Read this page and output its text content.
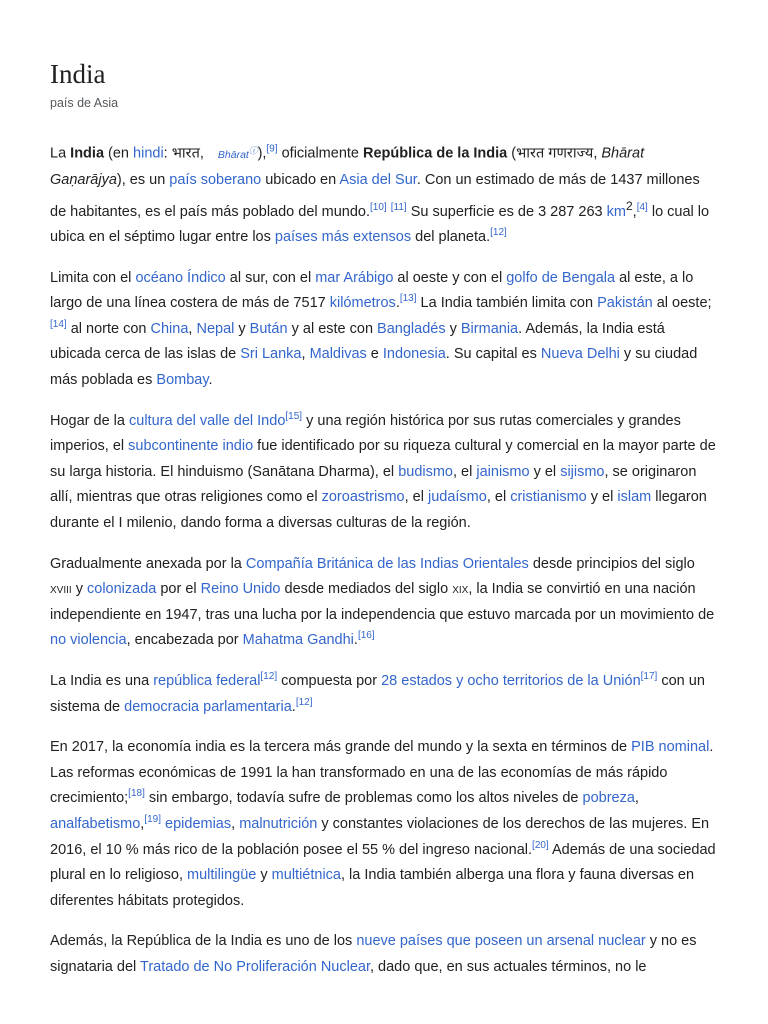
India
país de Asia

La India (en hindi: भारत, Bhāratⓘ),[9] oficialmente República de la India (भारत गणराज्य, Bhārat Gaṇarājya), es un país soberano ubicado en Asia del Sur. Con un estimado de más de 1437 millones de habitantes, es el país más poblado del mundo.[10] [11] Su superficie es de 3 287 263 $km^2,[4]$ lo cual lo ubica en el séptimo lugar entre los países más extensos del planeta.[12]

Limita con el océano Índico al sur, con el mar Arábigo al oeste y con el golfo de Bengala al este, a lo largo de una línea costera de más de 7517 kilómetros.[13] La India también limita con Pakistán al oeste;[14] al norte con China, Nepal y Bután y al este con Bangladés y Birmania. Además, la India está ubicada cerca de las islas de Sri Lanka, Maldivas e Indonesia. Su capital es Nueva Delhi y su ciudad más poblada es Bombay.

Hogar de la cultura del valle del Indo[15] y una región histórica por sus rutas comerciales y grandes imperios, el subcontinente indio fue identificado por su riqueza cultural y comercial en la mayor parte de su larga historia. El hinduismo (Sanātana Dharma), el budismo, el jainismo y el sijismo, se originaron allí, mientras que otras religiones como el zoroastrismo, el judaísmo, el cristianismo y el islam llegaron durante el I milenio, dando forma a diversas culturas de la región.

Gradualmente anexada por la Compañía Británica de las Indias Orientales desde principios del siglo xviii y colonizada por el Reino Unido desde mediados del siglo xix, la India se convirtió en una nación independiente en 1947, tras una lucha por la independencia que estuvo marcada por un movimiento de no violencia, encabezada por Mahatma Gandhi.[16]

La India es una república federal[12] compuesta por 28 estados y ocho territorios de la Unión[17] con un sistema de democracia parlamentaria.[12]

En 2017, la economía india es la tercera más grande del mundo y la sexta en términos de PIB nominal. Las reformas económicas de 1991 la han transformado en una de las economías de más rápido crecimiento;[18] sin embargo, todavía sufre de problemas como los altos niveles de pobreza, analfabetismo,[19] epidemias, malnutrición y constantes violaciones de los derechos de las mujeres. En 2016, el 10 % más rico de la población posee el 55 % del ingreso nacional.[20] Además de una sociedad plural en lo religioso, multilingüe y multiétnica, la India también alberga una flora y fauna diversas en diferentes hábitats protegidos.

Además, la República de la India es uno de los nueve países que poseen un arsenal nuclear y no es signataria del Tratado de No Proliferación Nuclear, dado que, en sus actuales términos, no le
